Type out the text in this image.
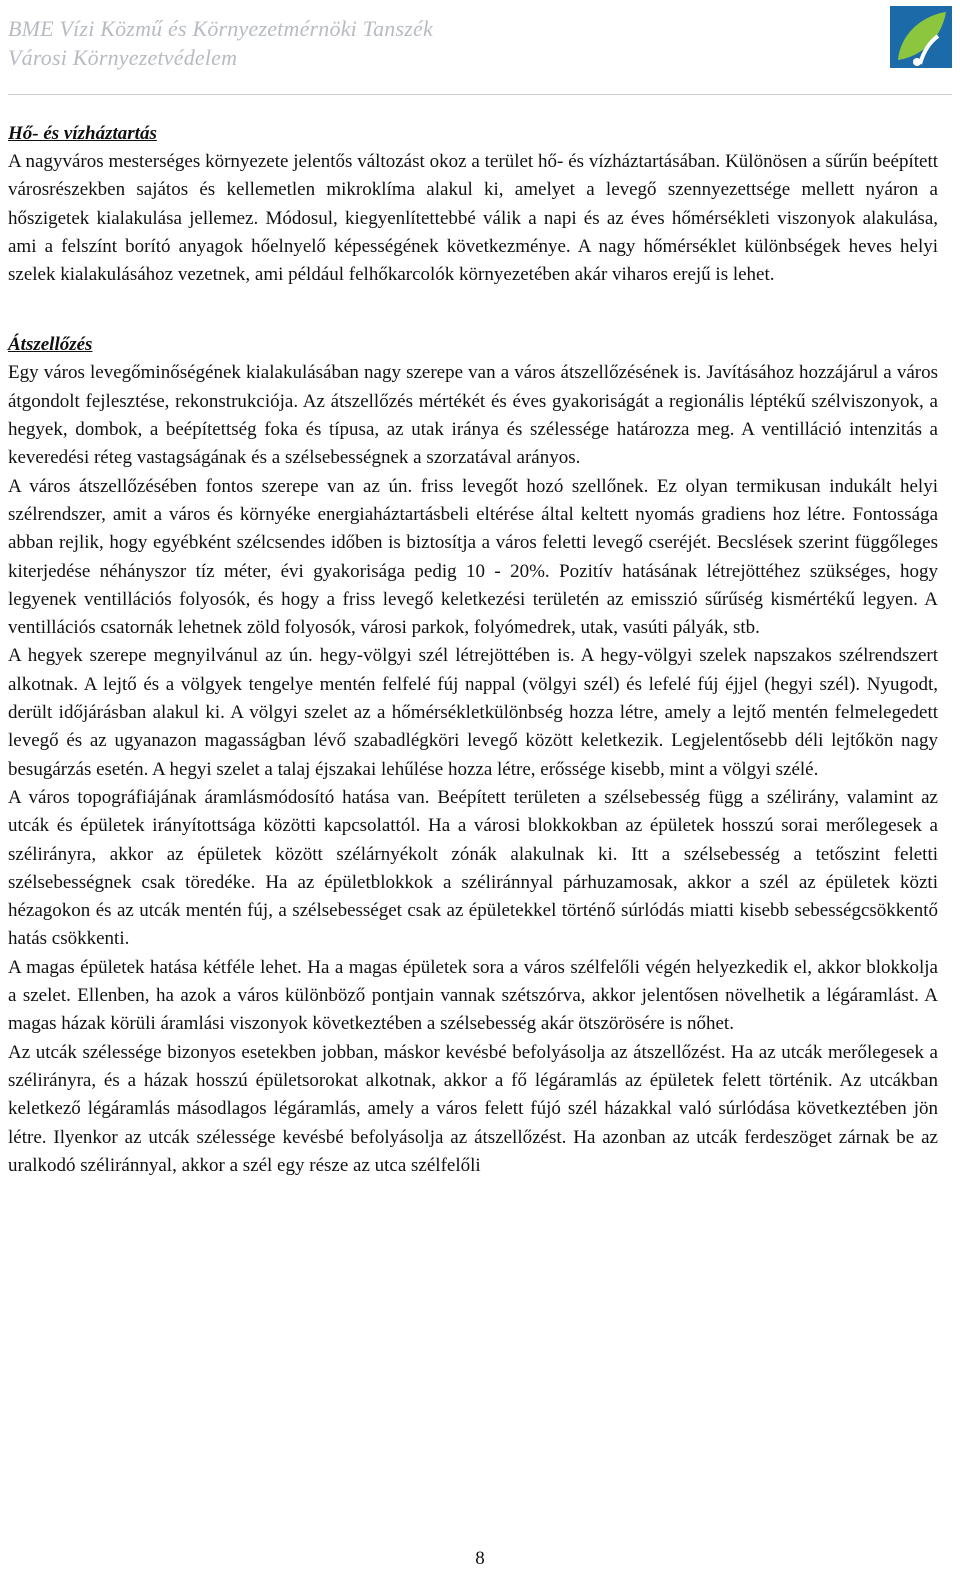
BME Vízi Közmű és Környezetmérnöki Tanszék
Városi Környezetvédelem
Hő- és vízháztartás

A nagyváros mesterséges környezete jelentős változást okoz a terület hő- és vízháztartásában. Különösen a sűrűn beépített városrészekben sajátos és kellemetlen mikroklíma alakul ki, amelyet a levegő szennyezettsége mellett nyáron a hőszigetek kialakulása jellemez. Módosul, kiegyenlítettebbé válik a napi és az éves hőmérsékleti viszonyok alakulása, ami a felszínt borító anyagok hőelnyelő képességének következménye. A nagy hőmérséklet különbségek heves helyi szelek kialakulásához vezetnek, ami például felhőkarcolók környezetében akár viharos erejű is lehet.

Átszellőzés

Egy város levegőminőségének kialakulásában nagy szerepe van a város átszellőzésének is. Javításához hozzájárul a város átgondolt fejlesztése, rekonstrukciója. Az átszellőzés mértékét és éves gyakoriságát a regionális léptékű szélviszonyok, a hegyek, dombok, a beépítettség foka és típusa, az utak iránya és szélessége határozza meg. A ventilláció intenzitás a keveredési réteg vastagságának és a szélsebességnek a szorzatával arányos.

A város átszellőzésében fontos szerepe van az ún. friss levegőt hozó szellőnek. Ez olyan termikusan indukált helyi szélrendszer, amit a város és környéke energiaháztartásbeli eltérése által keltett nyomás gradiens hoz létre. Fontossága abban rejlik, hogy egyébként szélcsendes időben is biztosítja a város feletti levegő cseréjét. Becslések szerint függőleges kiterjedése néhányszor tíz méter, évi gyakorisága pedig 10 - 20%. Pozitív hatásának létrejöttéhez szükséges, hogy legyenek ventillációs folyosók, és hogy a friss levegő keletkezési területén az emisszió sűrűség kismértékű legyen. A ventillációs csatornák lehetnek zöld folyosók, városi parkok, folyómedrek, utak, vasúti pályák, stb.

A hegyek szerepe megnyilvánul az ún. hegy-völgyi szél létrejöttében is. A hegy-völgyi szelek napszakos szélrendszert alkotnak. A lejtő és a völgyek tengelye mentén felfelé fúj nappal (völgyi szél) és lefelé fúj éjjel (hegyi szél). Nyugodt, derült időjárásban alakul ki. A völgyi szelet az a hőmérsékletkülönbség hozza létre, amely a lejtő mentén felmelegedett levegő és az ugyanazon magasságban lévő szabadlégköri levegő között keletkezik. Legjelentősebb déli lejtőkön nagy besugárzás esetén. A hegyi szelet a talaj éjszakai lehűlése hozza létre, erőssége kisebb, mint a völgyi szélé.

A város topográfiájának áramlásmódosító hatása van. Beépített területen a szélsebesség függ a szélirány, valamint az utcák és épületek irányítottsága közötti kapcsolattól. Ha a városi blokkokban az épületek hosszú sorai merőlegesek a szélirányra, akkor az épületek között szélárnyékolt zónák alakulnak ki. Itt a szélsebesség a tetőszint feletti szélsebességnek csak töredéke. Ha az épületblokkok a széliránnyal párhuzamosak, akkor a szél az épületek közti hézagokon és az utcák mentén fúj, a szélsebességet csak az épületekkel történő súrlódás miatti kisebb sebességcsökkentő hatás csökkenti.

A magas épületek hatása kétféle lehet. Ha a magas épületek sora a város szélfelőli végén helyezkedik el, akkor blokkolja a szelet. Ellenben, ha azok a város különböző pontjain vannak szétszórva, akkor jelentősen növelhetik a légáramlást. A magas házak körüli áramlási viszonyok következtében a szélsebesség akár ötszörösére is nőhet.

Az utcák szélessége bizonyos esetekben jobban, máskor kevésbé befolyásolja az átszellőzést. Ha az utcák merőlegesek a szélirányra, és a házak hosszú épületsorokat alkotnak, akkor a fő légáramlás az épületek felett történik. Az utcákban keletkező légáramlás másodlagos légáramlás, amely a város felett fújó szél házakkal való súrlódása következtében jön létre. Ilyenkor az utcák szélessége kevésbé befolyásolja az átszellőzést. Ha azonban az utcák ferdeszöget zárnak be az uralkodó széliránnyal, akkor a szél egy része az utca szélfelőli

8
